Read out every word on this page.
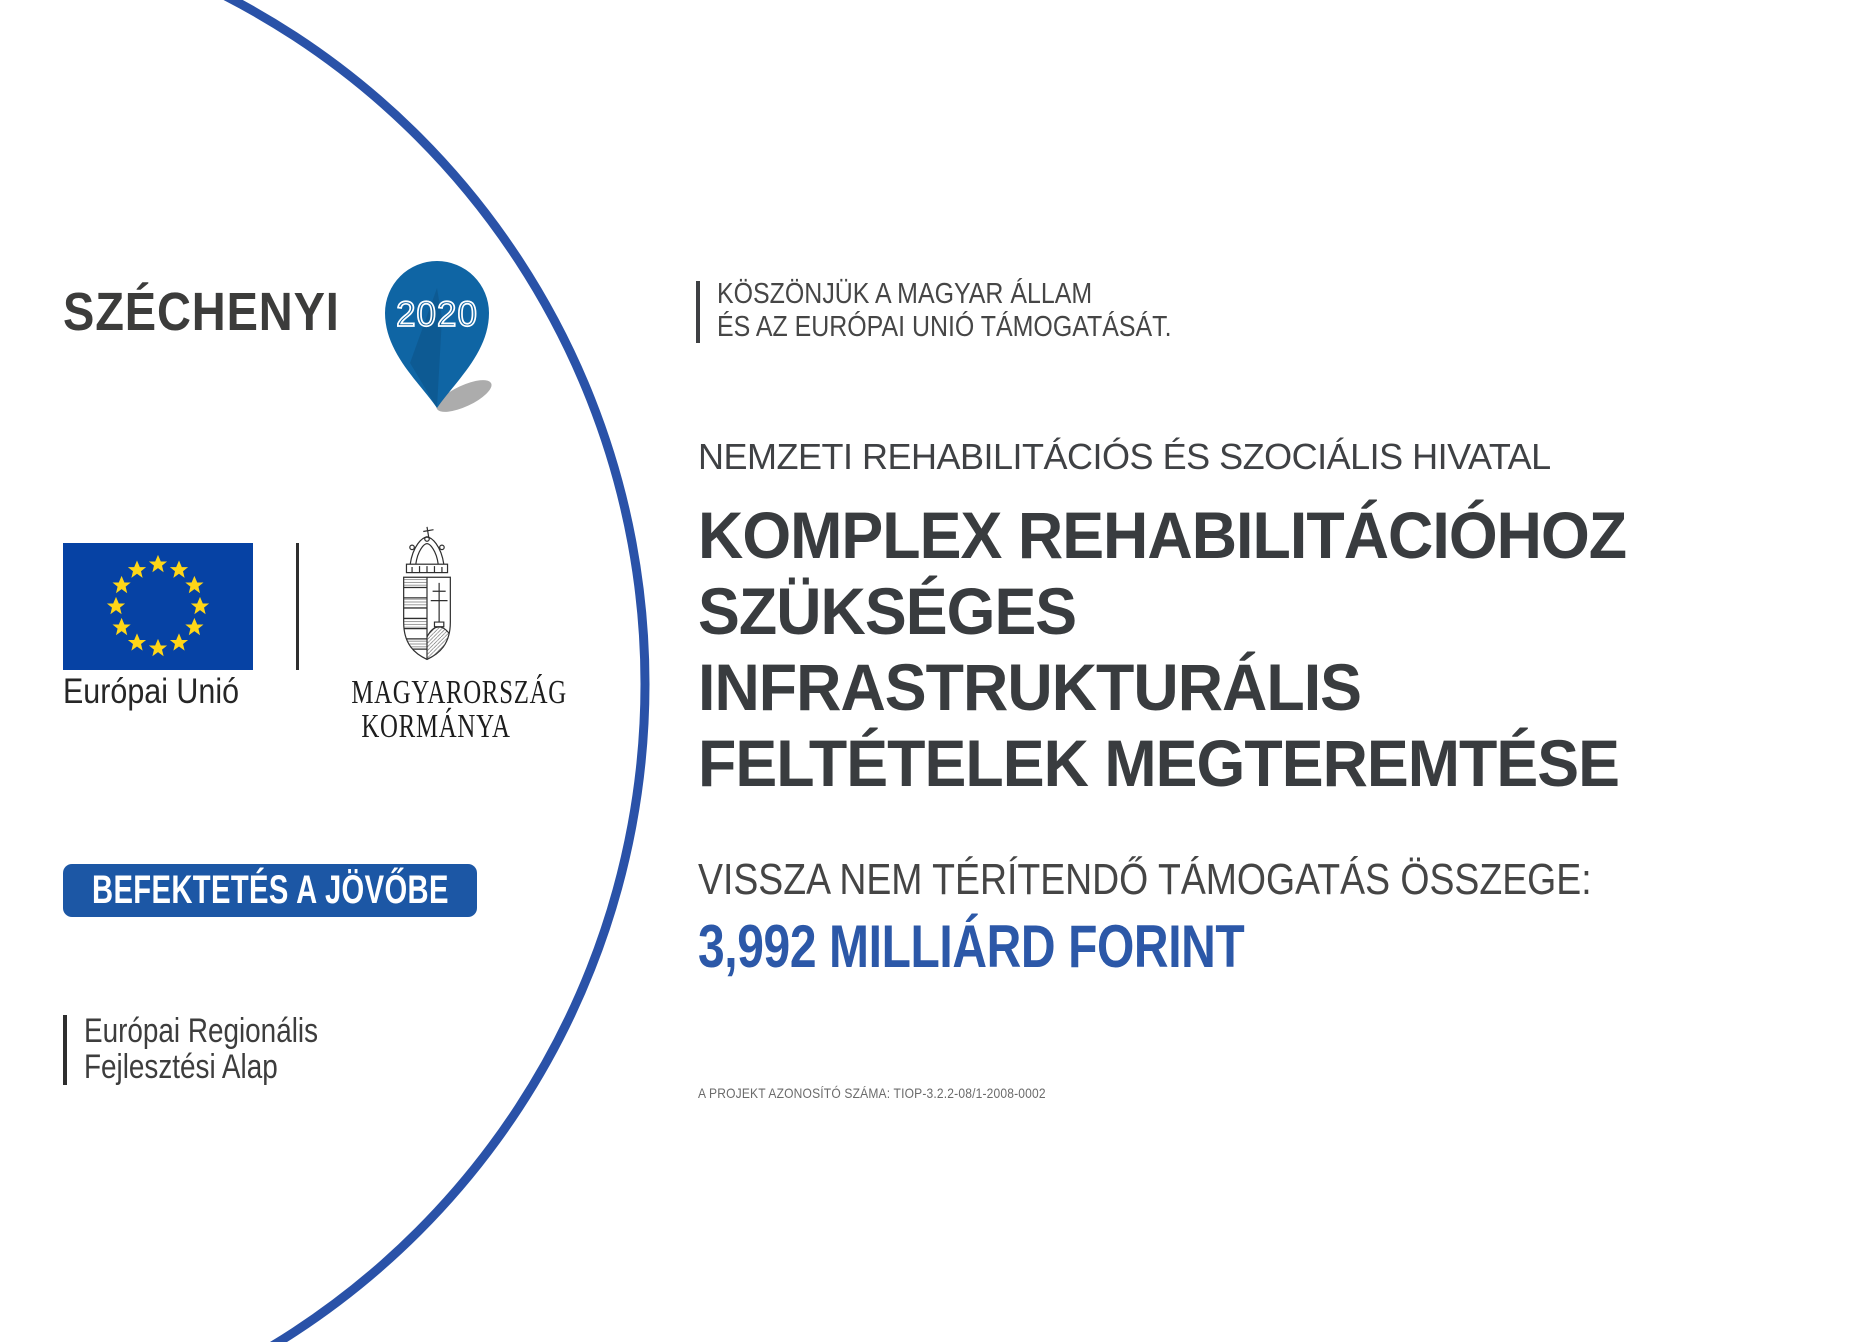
SZÉCHENYI 2020
Európai Unió	MAGYARORSZÁG
KORMÁNYA
BEFEKTETÉS A JÖVŐBE
Európai Regionális
Fejlesztési Alap
KÖSZÖNJÜK A MAGYAR ÁLLAM
ÉS AZ EURÓPAI UNIÓ TÁMOGATÁSÁT.
NEMZETI REHABILITÁCIÓS ÉS SZOCIÁLIS HIVATAL
KOMPLEX REHABILITÁCIÓHOZ
SZÜKSÉGES
INFRASTRUKTURÁLIS
FELTÉTELEK MEGTEREMTÉSE
VISSZA NEM TÉRÍTENDŐ TÁMOGATÁS ÖSSZEGE:
3,992 MILLIÁRD FORINT
A PROJEKT AZONOSÍTÓ SZÁMA: TIOP-3.2.2-08/1-2008-0002
